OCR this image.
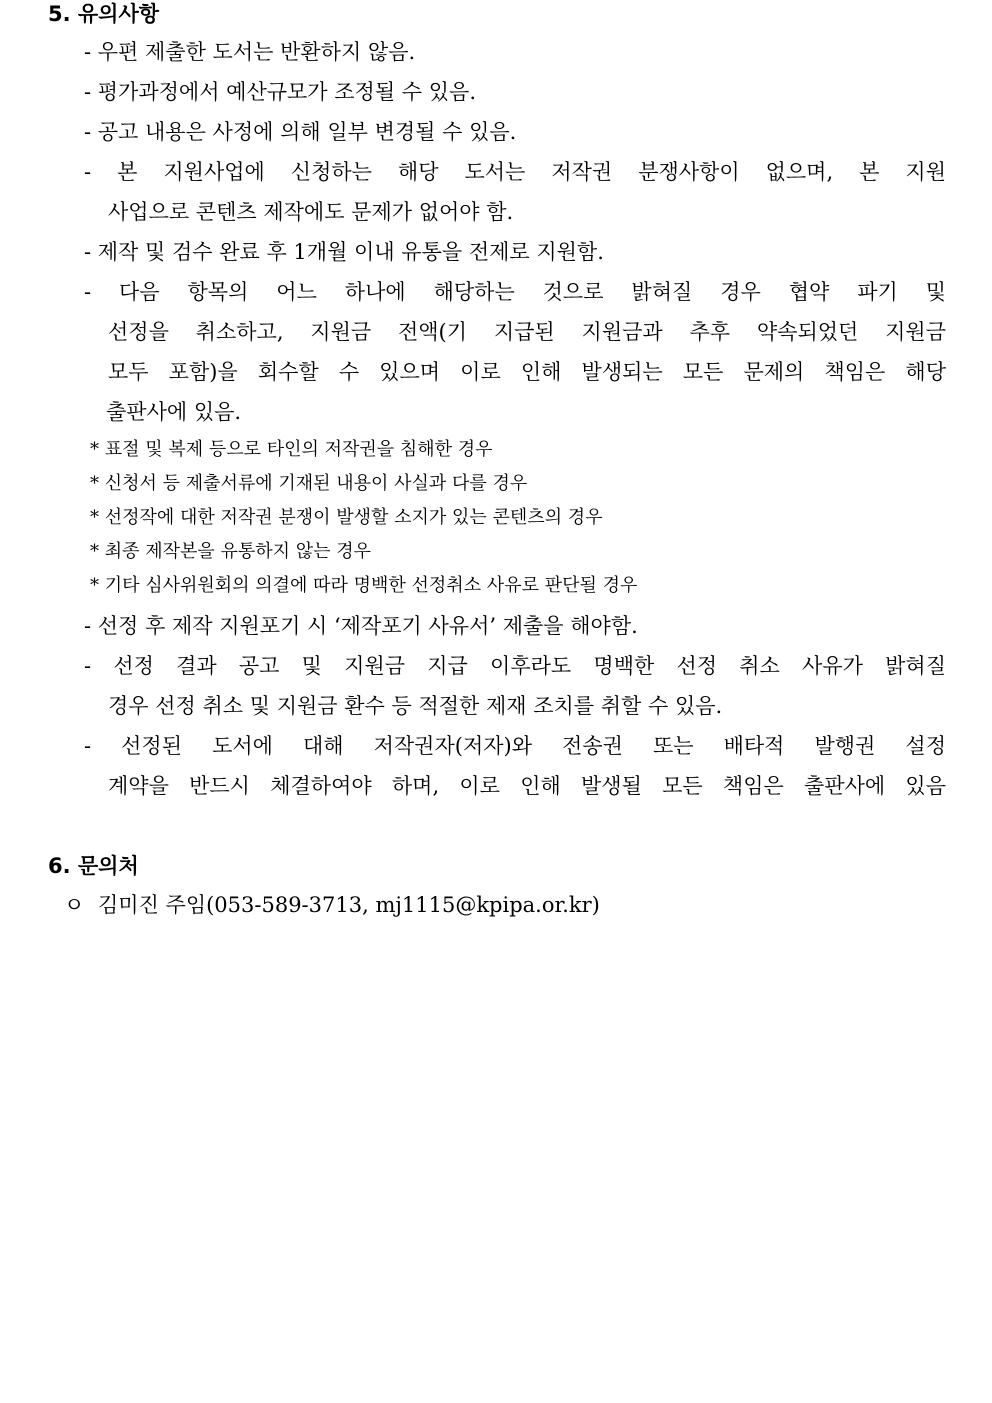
5. 유의사항
- 우편 제출한 도서는 반환하지 않음.
- 평가과정에서 예산규모가 조정될 수 있음.
- 공고 내용은 사정에 의해 일부 변경될 수 있음.
- 본 지원사업에 신청하는 해당 도서는 저작권 분쟁사항이 없으며, 본 지원
사업으로 콘텐츠 제작에도 문제가 없어야 함.
- 제작 및 검수 완료 후 1개월 이내 유통을 전제로 지원함.
- 다음 항목의 어느 하나에 해당하는 것으로 밝혀질 경우 협약 파기 및
선정을 취소하고, 지원금 전액(기 지급된 지원금과 추후 약속되었던 지원금
모두 포함)을 회수할 수 있으며 이로 인해 발생되는 모든 문제의 책임은 해당
출판사에 있음.
* 표절 및 복제 등으로 타인의 저작권을 침해한 경우
* 신청서 등 제출서류에 기재된 내용이 사실과 다를 경우
* 선정작에 대한 저작권 분쟁이 발생할 소지가 있는 콘텐츠의 경우
* 최종 제작본을 유통하지 않는 경우
* 기타 심사위원회의 의결에 따라 명백한 선정취소 사유로 판단될 경우
- 선정 후 제작 지원포기 시 ‘제작포기 사유서’ 제출을 해야함.
- 선정 결과 공고 및 지원금 지급 이후라도 명백한 선정 취소 사유가 밝혀질
경우 선정 취소 및 지원금 환수 등 적절한 제재 조치를 취할 수 있음.
- 선정된 도서에 대해 저작권자(저자)와 전송권 또는 배타적 발행권 설정
계약을 반드시 체결하여야 하며, 이로 인해 발생될 모든 책임은 출판사에 있음
6. 문의처
ㅇ 김미진 주임(053-589-3713, mj1115@kpipa.or.kr)
